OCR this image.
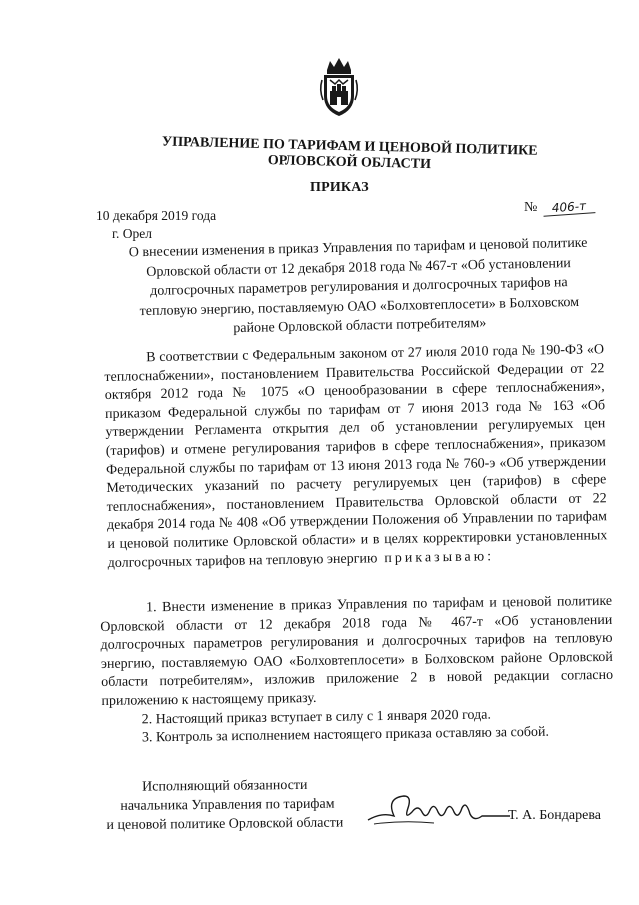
УПРАВЛЕНИЕ ПО ТАРИФАМ И ЦЕНОВОЙ ПОЛИТИКЕ
ОРЛОВСКОЙ ОБЛАСТИ
ПРИКАЗ
10 декабря 2019 года
г. Орел
№ 406-т
О внесении изменения в приказ Управления по тарифам и ценовой политике
Орловской области от 12 декабря 2018 года № 467-т «Об установлении
долгосрочных параметров регулирования и долгосрочных тарифов на
тепловую энергию, поставляемую ОАО «Болховтеплосети» в Болховском
районе Орловской области потребителям»

В соответствии с Федеральным законом от 27 июля 2010 года № 190-ФЗ «О теплоснабжении», постановлением Правительства Российской Федерации от 22 октября 2012 года № 1075 «О ценообразовании в сфере теплоснабжения», приказом Федеральной службы по тарифам от 7 июня 2013 года № 163 «Об утверждении Регламента открытия дел об установлении регулируемых цен (тарифов) и отмене регулирования тарифов в сфере теплоснабжения», приказом Федеральной службы по тарифам от 13 июня 2013 года № 760-э «Об утверждении Методических указаний по расчету регулируемых цен (тарифов) в сфере теплоснабжения», постановлением Правительства Орловской области от 22 декабря 2014 года № 408 «Об утверждении Положения об Управлении по тарифам и ценовой политике Орловской области» и в целях корректировки установленных долгосрочных тарифов на тепловую энергию приказываю:

1. Внести изменение в приказ Управления по тарифам и ценовой политике Орловской области от 12 декабря 2018 года № 467-т «Об установлении долгосрочных параметров регулирования и долгосрочных тарифов на тепловую энергию, поставляемую ОАО «Болховтеплосети» в Болховском районе Орловской области потребителям», изложив приложение 2 в новой редакции согласно приложению к настоящему приказу.

2. Настоящий приказ вступает в силу с 1 января 2020 года.

3. Контроль за исполнением настоящего приказа оставляю за собой.

Исполняющий обязанности
начальника Управления по тарифам
и ценовой политике Орловской области
Т. А. Бондарева
